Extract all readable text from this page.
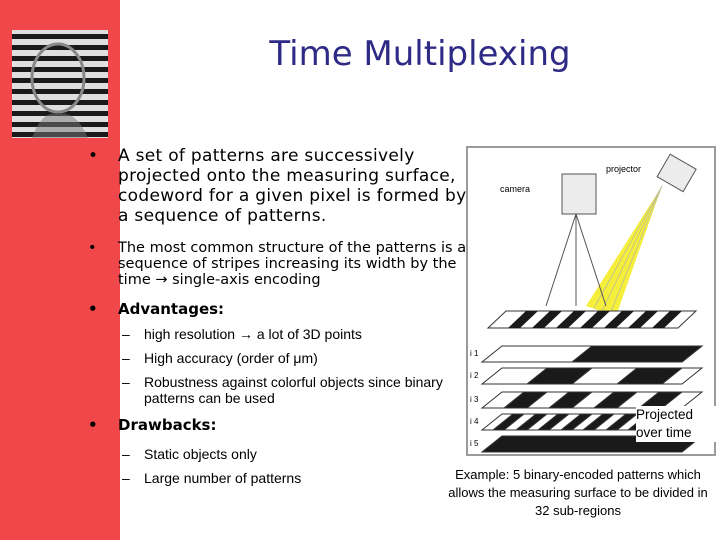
Time Multiplexing
• A set of patterns are successively projected onto the measuring surface, codeword for a given pixel is formed by a sequence of patterns.
• The most common structure of the patterns is a sequence of stripes increasing its width by the time → single-axis encoding
• Advantages:
– high resolution → a lot of 3D points
– High accuracy (order of μm)
– Robustness against colorful objects since binary patterns can be used
• Drawbacks:
– Static objects only
– Large number of patterns
projector
camera
i 1
i 2
i 3
i 4
i 5
Projected over time
Example: 5 binary-encoded patterns which allows the measuring surface to be divided in 32 sub-regions
